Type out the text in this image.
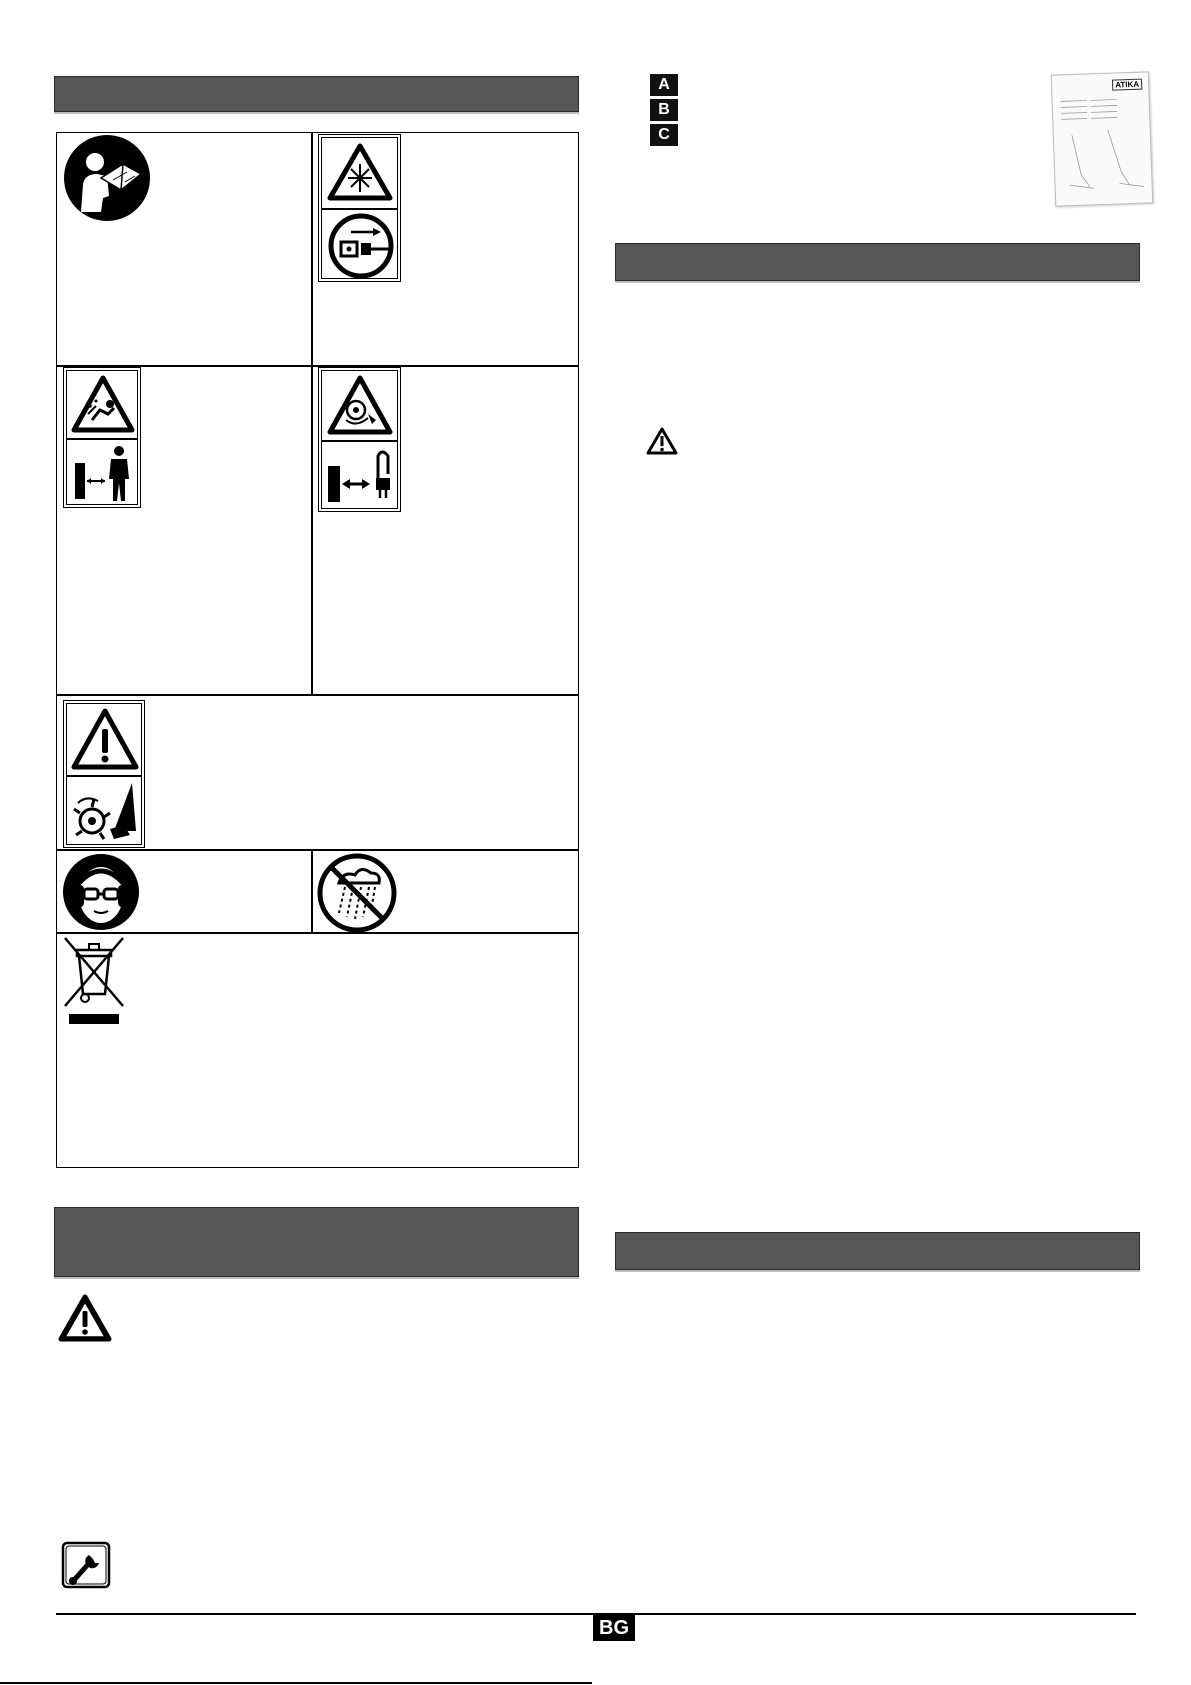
A
B
C
ATIKA
BG
